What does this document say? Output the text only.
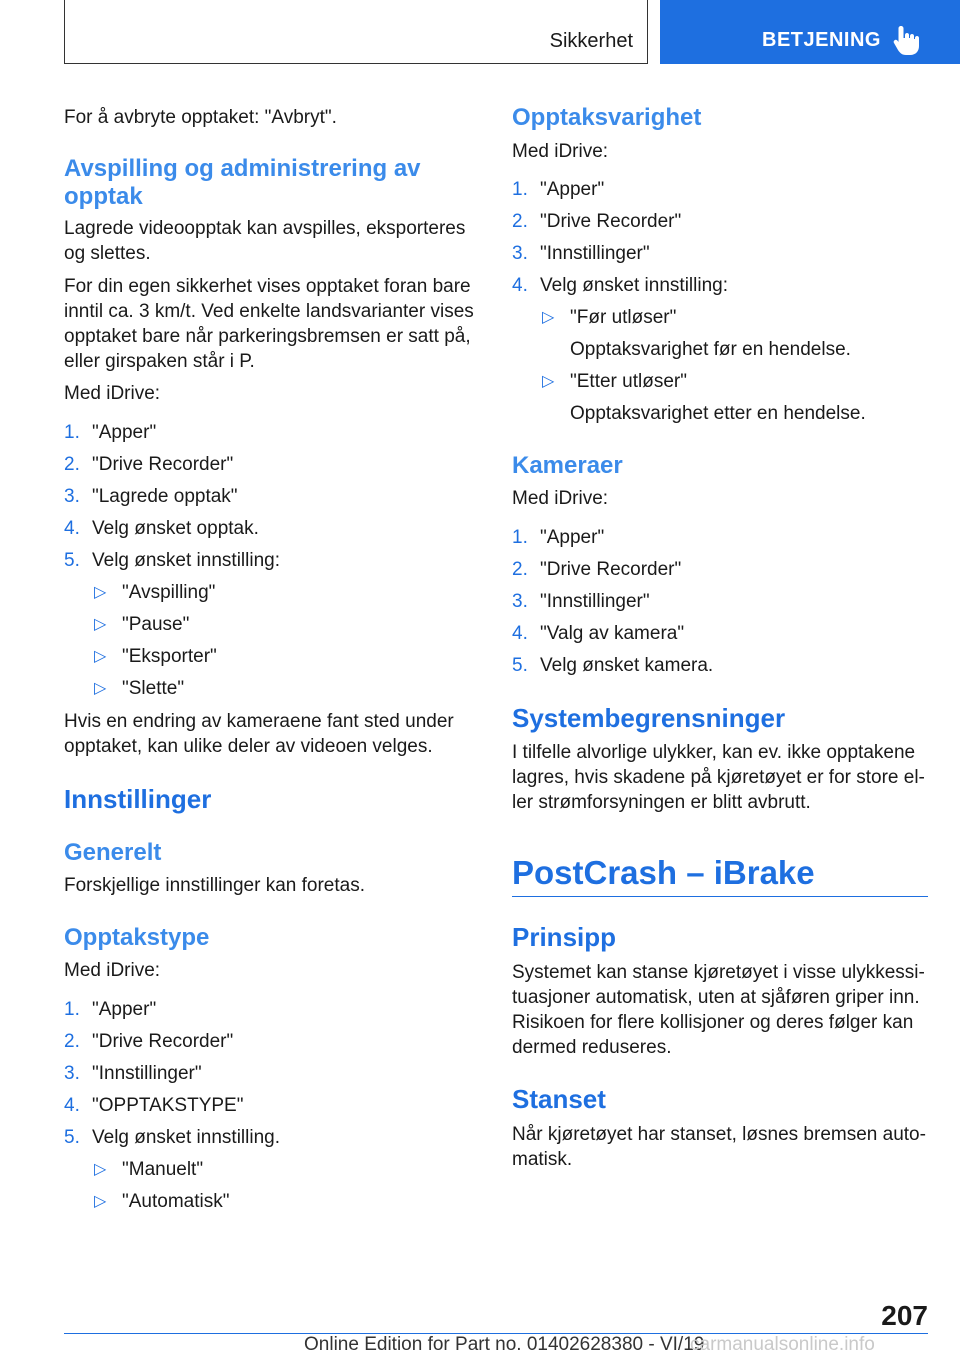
Sikkerhet	BETJENING

For å avbryte opptaket: "Avbryt".

Avspilling og administrering av opptak

Lagrede videoopptak kan avspilles, eksporteres og slettes.

For din egen sikkerhet vises opptaket foran bare inntil ca. 3 km/t. Ved enkelte landsvarianter vises opptaket bare når parkeringsbremsen er satt på, eller girspaken står i P.

Med iDrive:

1. "Apper"
2. "Drive Recorder"
3. "Lagrede opptak"
4. Velg ønsket opptak.
5. Velg ønsket innstilling:
▷ "Avspilling"
▷ "Pause"
▷ "Eksporter"
▷ "Slette"

Hvis en endring av kameraene fant sted under opptaket, kan ulike deler av videoen velges.

Innstillinger
Generelt

Forskjellige innstillinger kan foretas.

Opptakstype

Med iDrive:

1. "Apper"
2. "Drive Recorder"
3. "Innstillinger"
4. "OPPTAKSTYPE"
5. Velg ønsket innstilling.
▷ "Manuelt"
▷ "Automatisk"
Opptaksvarighet

Med iDrive:

1. "Apper"
2. "Drive Recorder"
3. "Innstillinger"
4. Velg ønsket innstilling:
▷ "Før utløser"
Opptaksvarighet før en hendelse.
▷ "Etter utløser"
Opptaksvarighet etter en hendelse.
Kameraer

Med iDrive:

1. "Apper"
2. "Drive Recorder"
3. "Innstillinger"
4. "Valg av kamera"
5. Velg ønsket kamera.
Systembegrensninger

I tilfelle alvorlige ulykker, kan ev. ikke opptakene lagres, hvis skadene på kjøretøyet er for store el‐ ler strømforsyningen er blitt avbrutt.

PostCrash – iBrake
Prinsipp

Systemet kan stanse kjøretøyet i visse ulykkessi‐ tuasjoner automatisk, uten at sjåføren griper inn. Risikoen for flere kollisjoner og deres følger kan dermed reduseres.

Stanset

Når kjøretøyet har stanset, løsnes bremsen auto‐ matisk.

207
Online Edition for Part no. 01402628380 - VI/19
carmanualsonline.info
